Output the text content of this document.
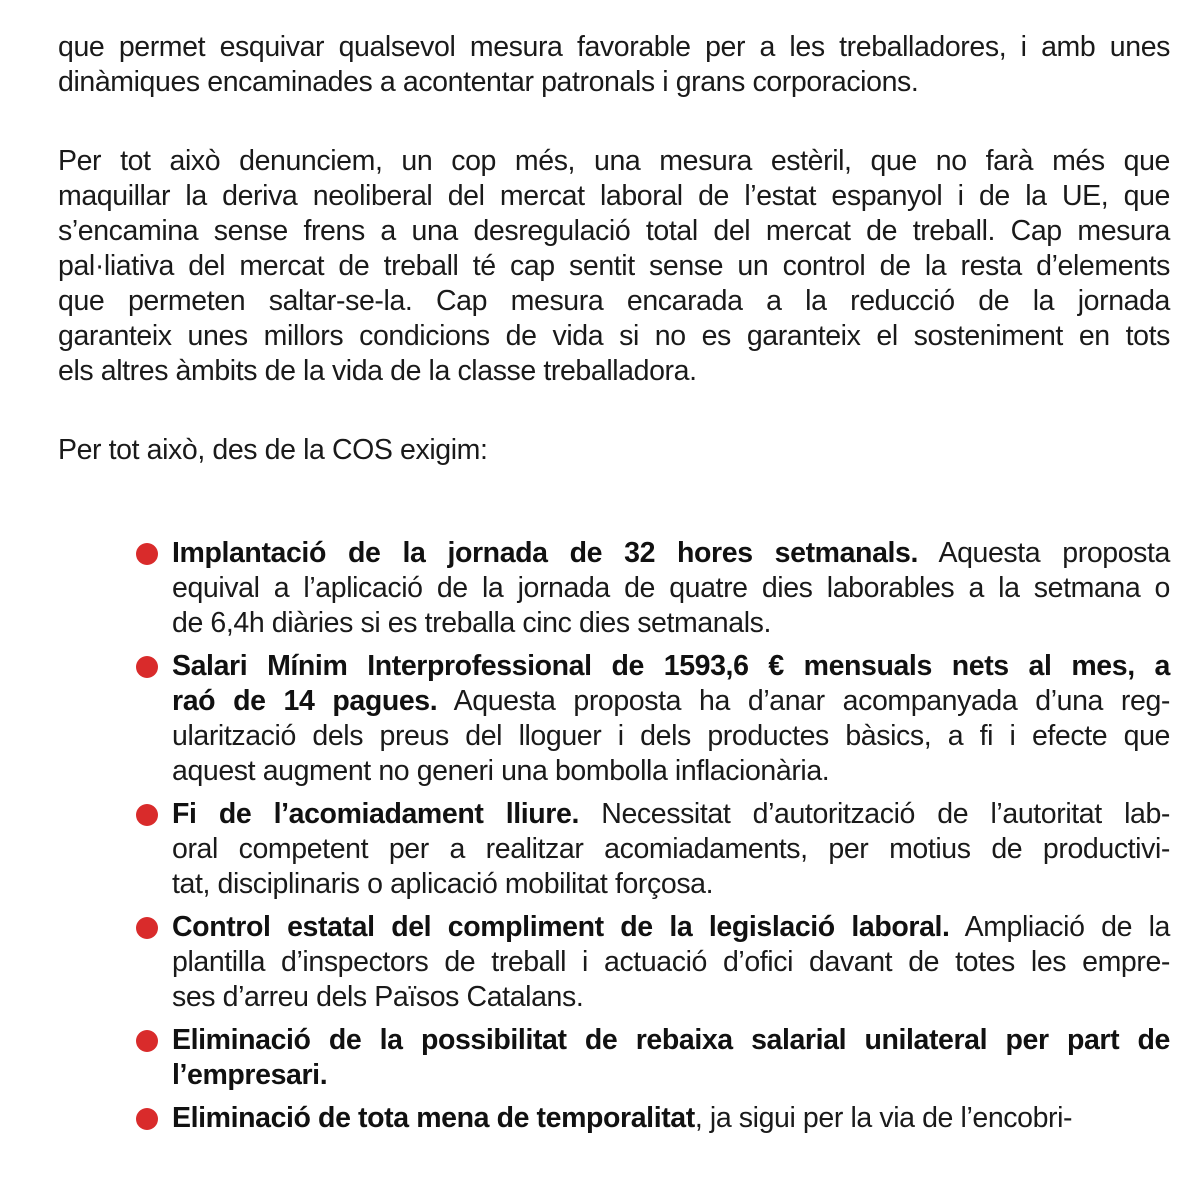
que permet esquivar qualsevol mesura favorable per a les treballadores, i amb unes
dinàmiques encaminades a acontentar patronals i grans corporacions.

Per tot això denunciem, un cop més, una mesura estèril, que no farà més que
maquillar la deriva neoliberal del mercat laboral de l’estat espanyol i de la UE, que
s’encamina sense frens a una desregulació total del mercat de treball. Cap mesura
pal·liativa del mercat de treball té cap sentit sense un control de la resta d’elements
que permeten saltar-se-la. Cap mesura encarada a la reducció de la jornada
garanteix unes millors condicions de vida si no es garanteix el sosteniment en tots
els altres àmbits de la vida de la classe treballadora.

Per tot això, des de la COS exigim:

Implantació de la jornada de 32 hores setmanals. Aquesta proposta
equival a l’aplicació de la jornada de quatre dies laborables a la setmana o
de 6,4h diàries si es treballa cinc dies setmanals.
Salari Mínim Interprofessional de 1593,6 € mensuals nets al mes, a
raó de 14 pagues. Aquesta proposta ha d’anar acompanyada d’una reg-
ularització dels preus del lloguer i dels productes bàsics, a fi i efecte que
aquest augment no generi una bombolla inflacionària.
Fi de l’acomiadament lliure. Necessitat d’autorització de l’autoritat lab-
oral competent per a realitzar acomiadaments, per motius de productivi-
tat, disciplinaris o aplicació mobilitat forçosa.
Control estatal del compliment de la legislació laboral. Ampliació de la
plantilla d’inspectors de treball i actuació d’ofici davant de totes les empre-
ses d’arreu dels Països Catalans.
Eliminació de la possibilitat de rebaixa salarial unilateral per part de
l’empresari.
Eliminació de tota mena de temporalitat, ja sigui per la via de l’encobri-
